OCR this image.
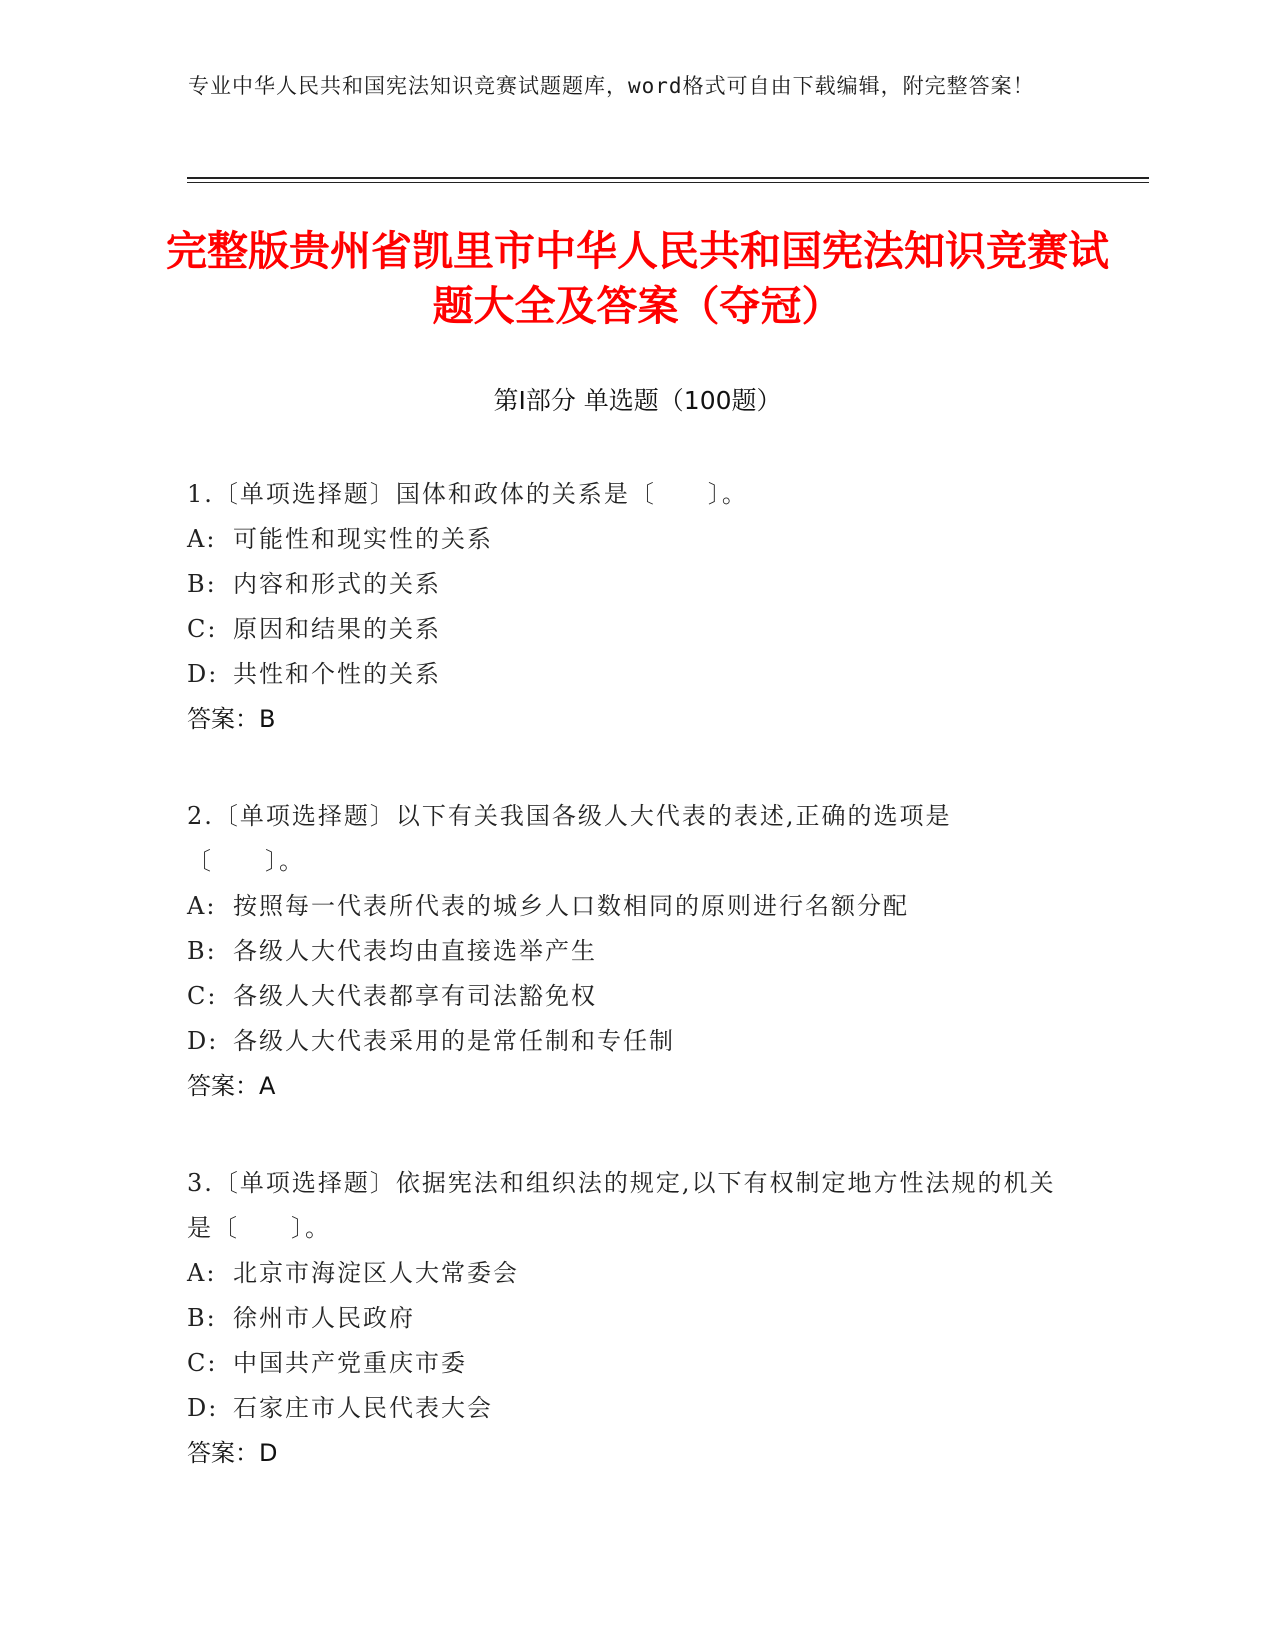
专业中华人民共和国宪法知识竞赛试题题库，word格式可自由下载编辑，附完整答案！
完整版贵州省凯里市中华人民共和国宪法知识竞赛试题大全及答案（夺冠）
第Ⅰ部分 单选题（100题）
1.〔单项选择题〕国体和政体的关系是〔　　〕。
A: 可能性和现实性的关系
B: 内容和形式的关系
C: 原因和结果的关系
D: 共性和个性的关系
答案：B
2.〔单项选择题〕以下有关我国各级人大代表的表述,正确的选项是〔　　〕。
A: 按照每一代表所代表的城乡人口数相同的原则进行名额分配
B: 各级人大代表均由直接选举产生
C: 各级人大代表都享有司法豁免权
D: 各级人大代表采用的是常任制和专任制
答案：A
3.〔单项选择题〕依据宪法和组织法的规定,以下有权制定地方性法规的机关是〔　　〕。
A: 北京市海淀区人大常委会
B: 徐州市人民政府
C: 中国共产党重庆市委
D: 石家庄市人民代表大会
答案：D
